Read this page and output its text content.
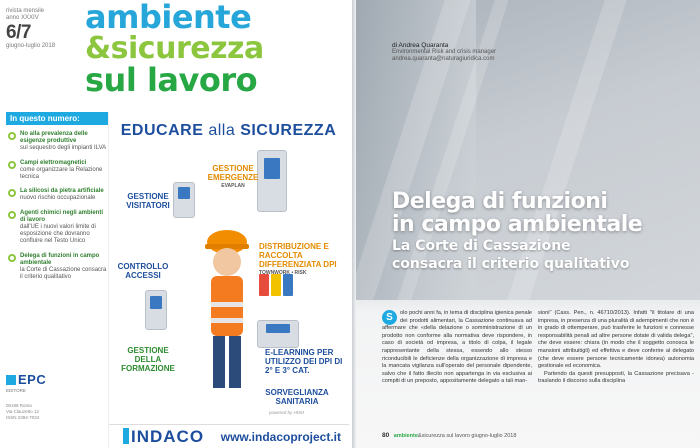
rivista mensile
anno XXXIV
6/7
giugno-luglio 2018
ambiente
&sicurezza
sul lavoro
In questo numero:
No alla prevalenza delle esigenze produttive
sul sequestro degli impianti ILVA
Campi elettromagnetici
come organizzare la Relazione tecnica
La silicosi da pietra artificiale
nuovo rischio occupazionale
Agenti chimici negli ambienti di lavoro
dall'UE i nuovi valori limite di esposizione che dovranno confluire nel Testo Unico
Delega di funzioni in campo ambientale
la Corte di Cassazione consacra il criterio qualitativo
EPC
EDITORE
00188 Roma
Via Clauzetto 12
ISSN 2384-7034
EDUCARE alla SICUREZZA
GESTIONE EMERGENZE
EVAPLAN
GESTIONE VISITATORI
DISTRIBUZIONE E RACCOLTA DIFFERENZIATA DPI
TOWNWORK • RISK
CONTROLLO ACCESSI
E-LEARNING PER UTILIZZO DEI DPI DI 2° E 3° CAT.
GESTIONE DELLA FORMAZIONE
SORVEGLIANZA SANITARIA
powered by HDM
INDACO www.indacoproject.it
di Andrea Quaranta
Environmental Risk and crisis manager
andrea.quaranta@naturagiuridica.com
Delega di funzioni
in campo ambientale
La Corte di Cassazione
consacra il criterio qualitativo
S	olo pochi anni fa, in tema di disciplina igienica penale dei prodotti alimentari, la Cassazione continuava ad affermare che «della delazione o somministrazione di un prodotto non conforme alla normativa deve rispondere, in caso di società od impresa, a titolo di colpa, il legale rappresentante della stessa, essendo allo stesso riconducibili le deficienze della organizzazione di impresa e la mancata vigilanza sull'operato del personale dipendente, salvo che il fatto illecito non appartenga in via esclusiva ai compiti di un preposto, appositamente delegato a tali man-
sioni" (Cass. Pen., n. 46710/2013). Infatti "il titolare di una impresa, in presenza di una pluralità di adempimenti che non è in grado di ottemperare, può trasferire le funzioni e connesse responsabilità penali ad altre persone dotate di valida delega", che deve essere: chiara (in modo che il soggetto conosca le mansioni attribuitigli) ed effettiva e deve conferire al delegato (che deve essere persone tecnicamente idonea) autonomia gestionale ed economica.
Partendo da questi presupposti, la Cassazione precisava - traslando il discorso sulla disciplina
80 ambiente&sicurezza sul lavoro giugno-luglio 2018
